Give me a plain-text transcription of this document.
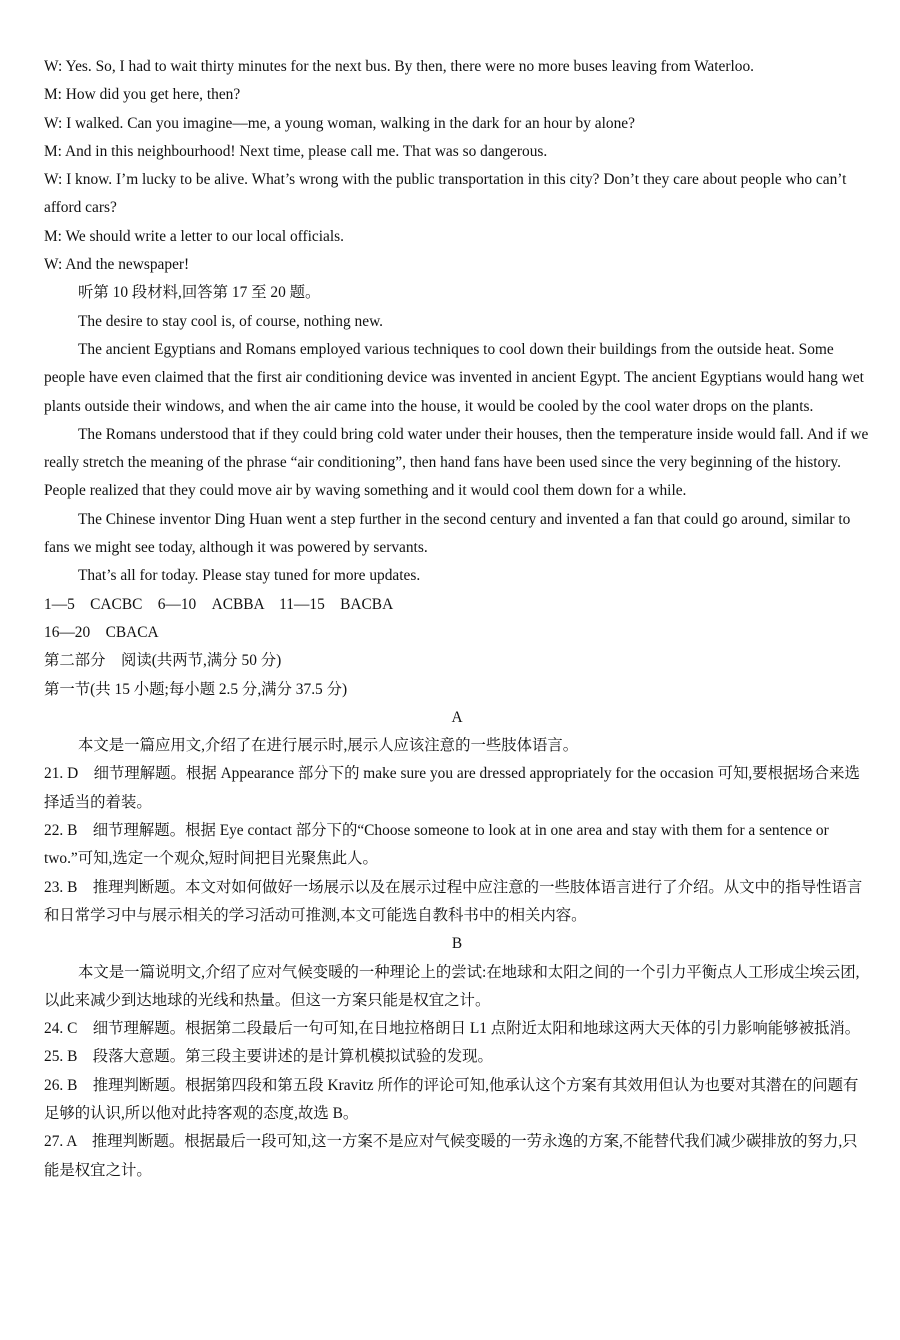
W: Yes. So, I had to wait thirty minutes for the next bus. By then, there were no more buses leaving from Waterloo.
M: How did you get here, then?
W: I walked. Can you imagine—me, a young woman, walking in the dark for an hour by alone?
M: And in this neighbourhood! Next time, please call me. That was so dangerous.
W: I know. I’m lucky to be alive. What’s wrong with the public transportation in this city? Don’t they care about people who can’t afford cars?
M: We should write a letter to our local officials.
W: And the newspaper!
听第 10 段材料,回答第 17 至 20 题。
The desire to stay cool is, of course, nothing new.
The ancient Egyptians and Romans employed various techniques to cool down their buildings from the outside heat. Some people have even claimed that the first air conditioning device was invented in ancient Egypt. The ancient Egyptians would hang wet plants outside their windows, and when the air came into the house, it would be cooled by the cool water drops on the plants.
The Romans understood that if they could bring cold water under their houses, then the temperature inside would fall. And if we really stretch the meaning of the phrase “air conditioning”, then hand fans have been used since the very beginning of the history. People realized that they could move air by waving something and it would cool them down for a while.
The Chinese inventor Ding Huan went a step further in the second century and invented a fan that could go around, similar to fans we might see today, although it was powered by servants.
That’s all for today. Please stay tuned for more updates.
1—5　CACBC　6—10　ACBBA　11—15　BACBA
16—20　CBACA
第二部分　阅读(共两节,满分 50 分)
第一节(共 15 小题;每小题 2.5 分,满分 37.5 分)
A
本文是一篇应用文,介绍了在进行展示时,展示人应该注意的一些肢体语言。
21. D　细节理解题。根据 Appearance 部分下的 make sure you are dressed appropriately for the occasion 可知,要根据场合来选择适当的着装。
22. B　细节理解题。根据 Eye contact 部分下的“Choose someone to look at in one area and stay with them for a sentence or two.”可知,选定一个观众,短时间把目光聚焦此人。
23. B　推理判断题。本文对如何做好一场展示以及在展示过程中应注意的一些肢体语言进行了介绍。从文中的指导性语言和日常学习中与展示相关的学习活动可推测,本文可能选自教科书中的相关内容。
B
本文是一篇说明文,介绍了应对气候变暖的一种理论上的尝试:在地球和太阳之间的一个引力平衡点人工形成尘埃云团,以此来减少到达地球的光线和热量。但这一方案只能是权宜之计。
24. C　细节理解题。根据第二段最后一句可知,在日地拉格朗日 L1 点附近太阳和地球这两大天体的引力影响能够被抵消。
25. B　段落大意题。第三段主要讲述的是计算机模拟试验的发现。
26. B　推理判断题。根据第四段和第五段 Kravitz 所作的评论可知,他承认这个方案有其效用但认为也要对其潜在的问题有足够的认识,所以他对此持客观的态度,故选 B。
27. A　推理判断题。根据最后一段可知,这一方案不是应对气候变暖的一劳永逸的方案,不能替代我们减少碳排放的努力,只能是权宜之计。
